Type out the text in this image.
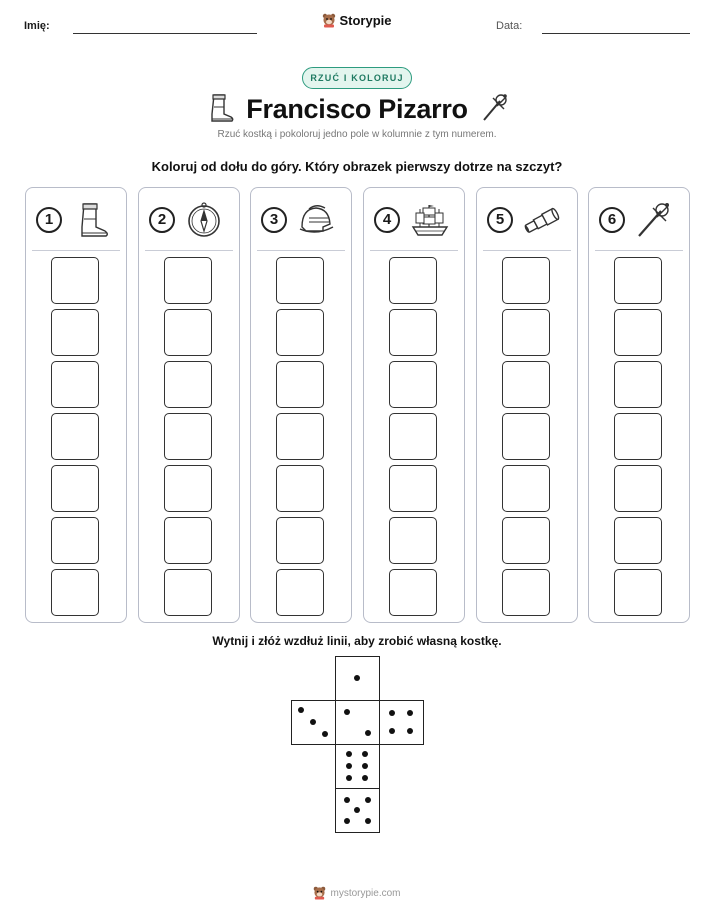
Imię:	Data:
Storypie
RZUĆ I KOLORUJ
Francisco Pizarro
Rzuć kostką i pokoloruj jedno pole w kolumnie z tym numerem.
Koloruj od dołu do góry. Który obrazek pierwszy dotrze na szczyt?
1	2	3	4	5	6
Wytnij i złóż wzdłuż linii, aby zrobić własną kostkę.
mystorypie.com
